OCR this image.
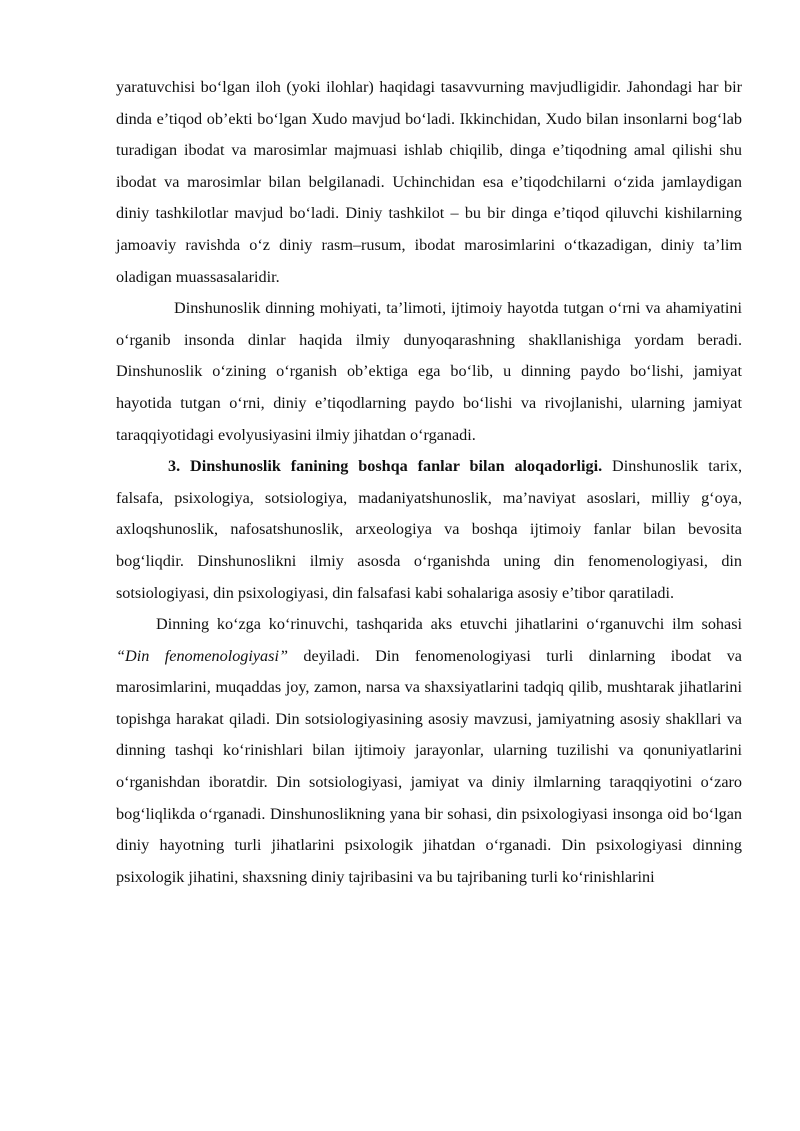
yaratuvchisi bo‘lgan iloh (yoki ilohlar) haqidagi tasavvurning mavjudligidir. Jahondagi har bir dinda e’tiqod ob’ekti bo‘lgan Xudo mavjud bo‘ladi. Ikkinchidan, Xudo bilan insonlarni bog‘lab turadigan ibodat va marosimlar majmuasi ishlab chiqilib, dinga e’tiqodning amal qilishi shu ibodat va marosimlar bilan belgilanadi. Uchinchidan esa e’tiqodchilarni o‘zida jamlaydigan diniy tashkilotlar mavjud bo‘ladi. Diniy tashkilot – bu bir dinga e’tiqod qiluvchi kishilarning jamoaviy ravishda o‘z diniy rasm–rusum, ibodat marosimlarini o‘tkazadigan, diniy ta’lim oladigan muassasalaridir.

Dinshunoslik dinning mohiyati, ta’limoti, ijtimoiy hayotda tutgan o‘rni va ahamiyatini o‘rganib insonda dinlar haqida ilmiy dunyoqarashning shakllanishiga yordam beradi. Dinshunoslik o‘zining o‘rganish ob’ektiga ega bo‘lib, u dinning paydo bo‘lishi, jamiyat hayotida tutgan o‘rni, diniy e’tiqodlarning paydo bo‘lishi va rivojlanishi, ularning jamiyat taraqqiyotidagi evolyusiyasini ilmiy jihatdan o‘rganadi.

3. Dinshunoslik fanining boshqa fanlar bilan aloqadorligi. Dinshunoslik tarix, falsafa, psixologiya, sotsiologiya, madaniyatshunoslik, ma’naviyat asoslari, milliy g‘oya, axloqshunoslik, nafosatshunoslik, arxeologiya va boshqa ijtimoiy fanlar bilan bevosita bog‘liqdir. Dinshunoslikni ilmiy asosda o‘rganishda uning din fenomenologiyasi, din sotsiologiyasi, din psixologiyasi, din falsafasi kabi sohalariga asosiy e’tibor qaratiladi.

Dinning ko‘zga ko‘rinuvchi, tashqarida aks etuvchi jihatlarini o‘rganuvchi ilm sohasi “Din fenomenologiyasi” deyiladi. Din fenomenologiyasi turli dinlarning ibodat va marosimlarini, muqaddas joy, zamon, narsa va shaxsiyatlarini tadqiq qilib, mushtarak jihatlarini topishga harakat qiladi. Din sotsiologiyasining asosiy mavzusi, jamiyatning asosiy shakllari va dinning tashqi ko‘rinishlari bilan ijtimoiy jarayonlar, ularning tuzilishi va qonuniyatlarini o‘rganishdan iboratdir. Din sotsiologiyasi, jamiyat va diniy ilmlarning taraqqiyotini o‘zaro bog‘liqlikda o‘rganadi. Dinshunoslikning yana bir sohasi, din psixologiyasi insonga oid bo‘lgan diniy hayotning turli jihatlarini psixologik jihatdan o‘rganadi. Din psixologiyasi dinning psixologik jihatini, shaxsning diniy tajribasini va bu tajribaning turli ko‘rinishlarini
